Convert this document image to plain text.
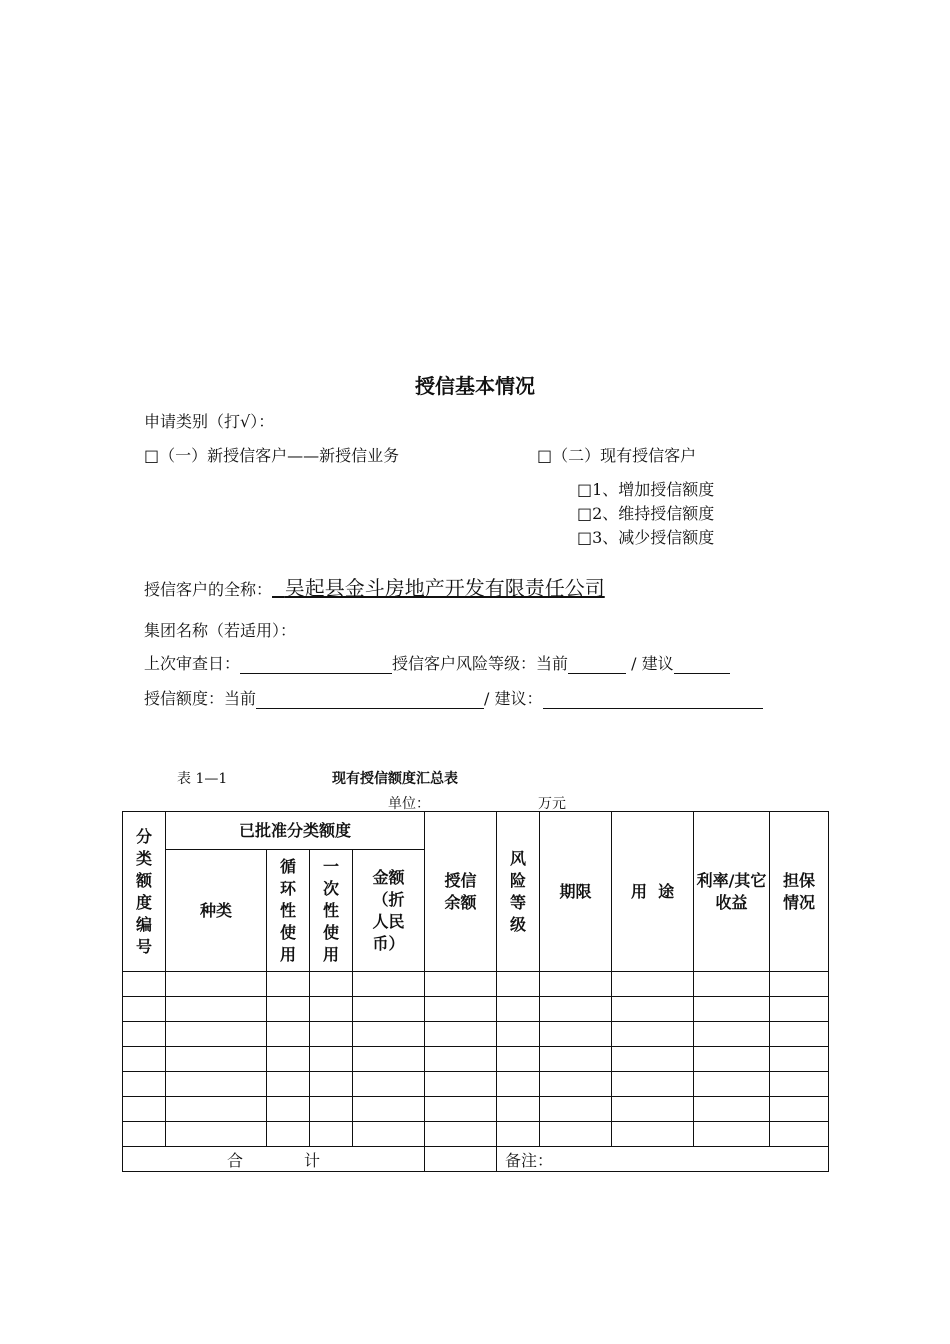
授信基本情况
申请类别（打√）：
□（一）新授信客户——新授信业务	□（二）现有授信客户
□1、增加授信额度
□2、维持授信额度
□3、减少授信额度
授信客户的全称： 吴起县金斗房地产开发有限责任公司
集团名称（若适用）：
上次审查日：	授信客户风险等级：当前	/ 建议
授信额度：当前	/ 建议：
表 1—1	现有授信额度汇总表
单位：	万元
分类额度编号	已批准分类额度				授信余额	风险等级	期限	用  途	利率/其它收益	担保情况
	种类	循环性使用	一次性使用	金额（折人民币）						

合            计						备注：				
